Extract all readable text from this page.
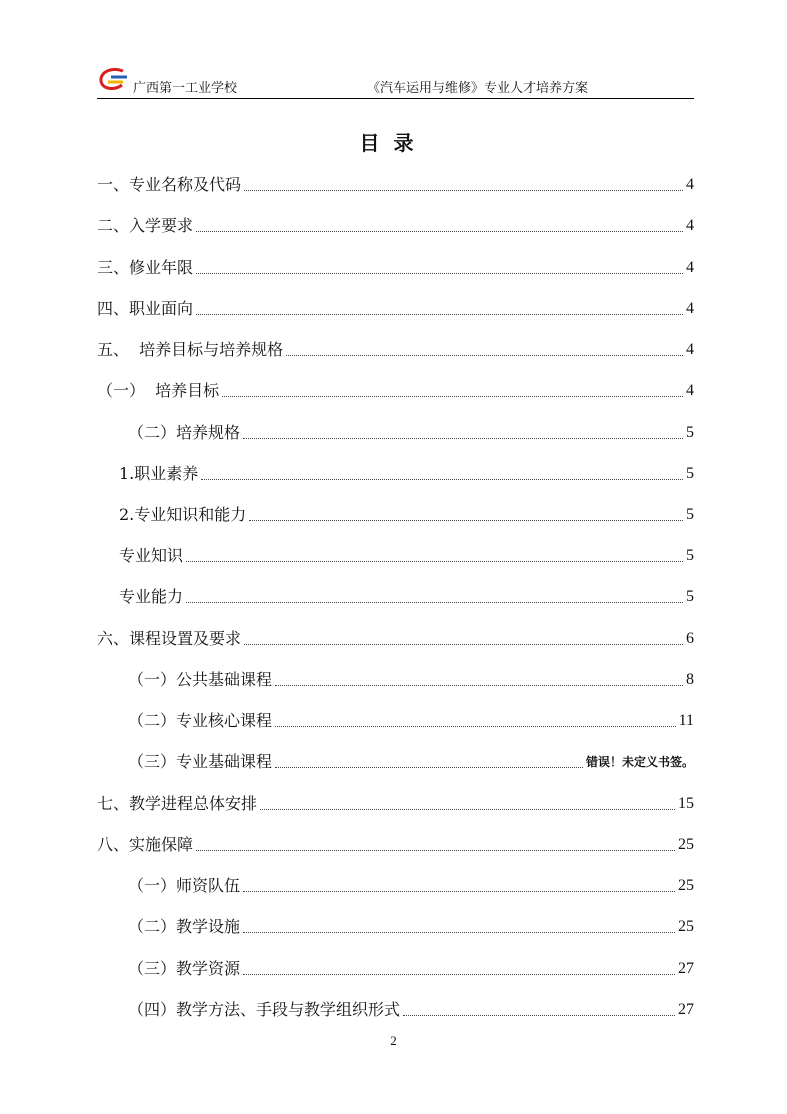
广西第一工业学校	《汽车运用与维修》专业人才培养方案
目录
一、专业名称及代码	4
二、入学要求	4
三、修业年限	4
四、职业面向	4
五、  培养目标与培养规格	4
（一）  培养目标	4
（二）培养规格	5
1.职业素养	5
2.专业知识和能力	5
专业知识	5
专业能力	5
六、课程设置及要求	6
（一）公共基础课程	8
（二）专业核心课程	11
（三）专业基础课程	错误！未定义书签。
七、教学进程总体安排	15
八、实施保障	25
（一）师资队伍	25
（二）教学设施	25
（三）教学资源	27
（四）教学方法、手段与教学组织形式	27
2
